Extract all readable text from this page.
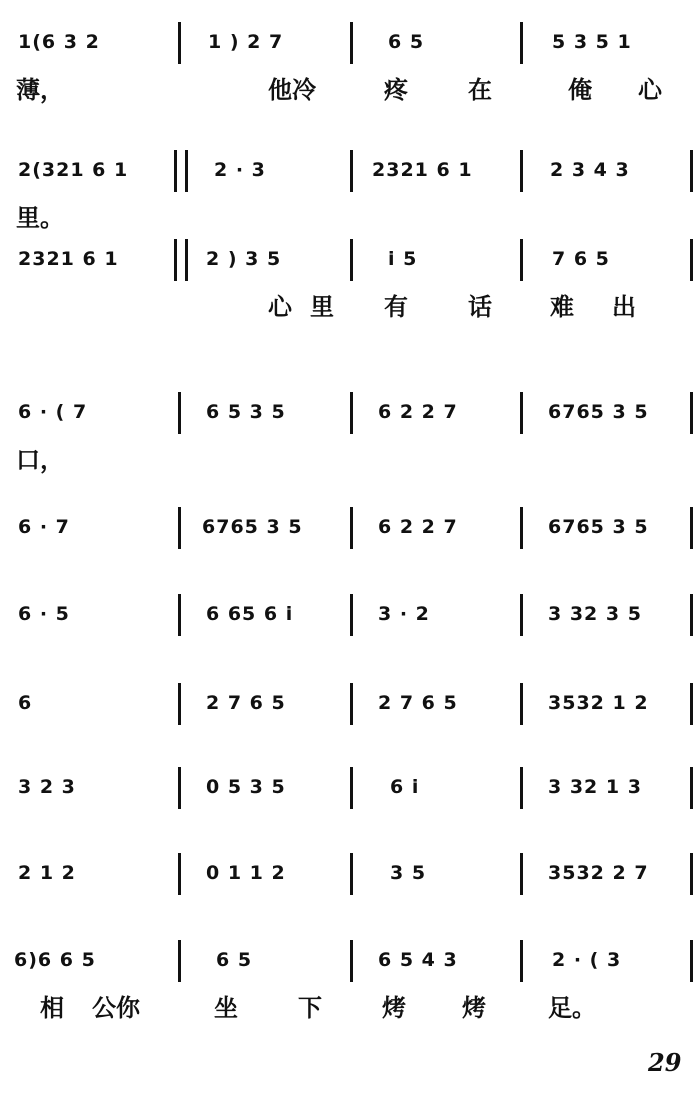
1(6 3 2	1 ) 2 7	6 5	5 3 5 1
薄，	他冷	疼	在	俺 心
2(321 6 1	2 · 3	2321 6 1	2 3 4 3
里。
2321 6 1	2 ) 3 5	i 5	7 6 5
心 里 有	话 难 出
6 · ( 7	6 5 3 5	6 2 2 7	6765 3 5
口，
6 · 7	6765 3 5	6 2 2 7	6765 3 5
6 · 5	6 65 6 i	3 · 2	3 32 3 5
6	2 7 6 5	2 7 6 5	3532 1 2
3 2 3	0 5 3 5	6 i	3 32 1 3
2 1 2	0 1 1 2	3 5	3532 2 7
6)6 6 5	6 5	6 5 4 3	2 · ( 3
相 公你	坐	下	烤 烤	足。
29
